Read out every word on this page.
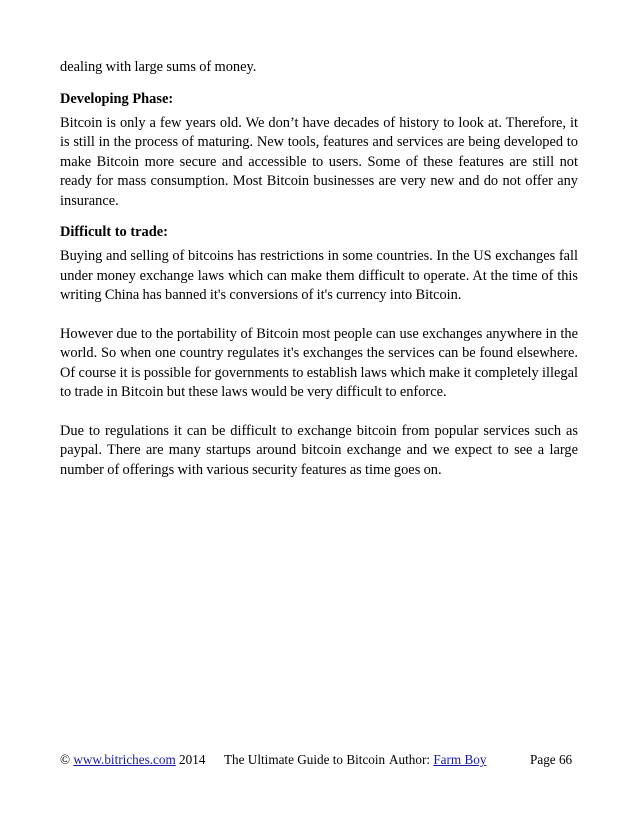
dealing with large sums of money.

Developing Phase:

Bitcoin is only a few years old. We don’t have decades of history to look at. Therefore, it is still in the process of maturing. New tools, features and services are being developed to make Bitcoin more secure and accessible to users. Some of these features are still not ready for mass consumption. Most Bitcoin businesses are very new and do not offer any insurance.

Difficult to trade:

Buying and selling of bitcoins has restrictions in some countries. In the US exchanges fall under money exchange laws which can make them difficult to operate. At the time of this writing China has banned it's conversions of it's currency into Bitcoin.

However due to the portability of Bitcoin most people can use exchanges anywhere in the world. So when one country regulates it's exchanges the services can be found elsewhere. Of course it is possible for governments to establish laws which make it completely illegal to trade in Bitcoin but these laws would be very difficult to enforce.

Due to regulations it can be difficult to exchange bitcoin from popular services such as paypal. There are many startups around bitcoin exchange and we expect to see a large number of offerings with various security features as time goes on.

© www.bitriches.com 2014 The Ultimate Guide to Bitcoin Author: Farm Boy	Page 66
